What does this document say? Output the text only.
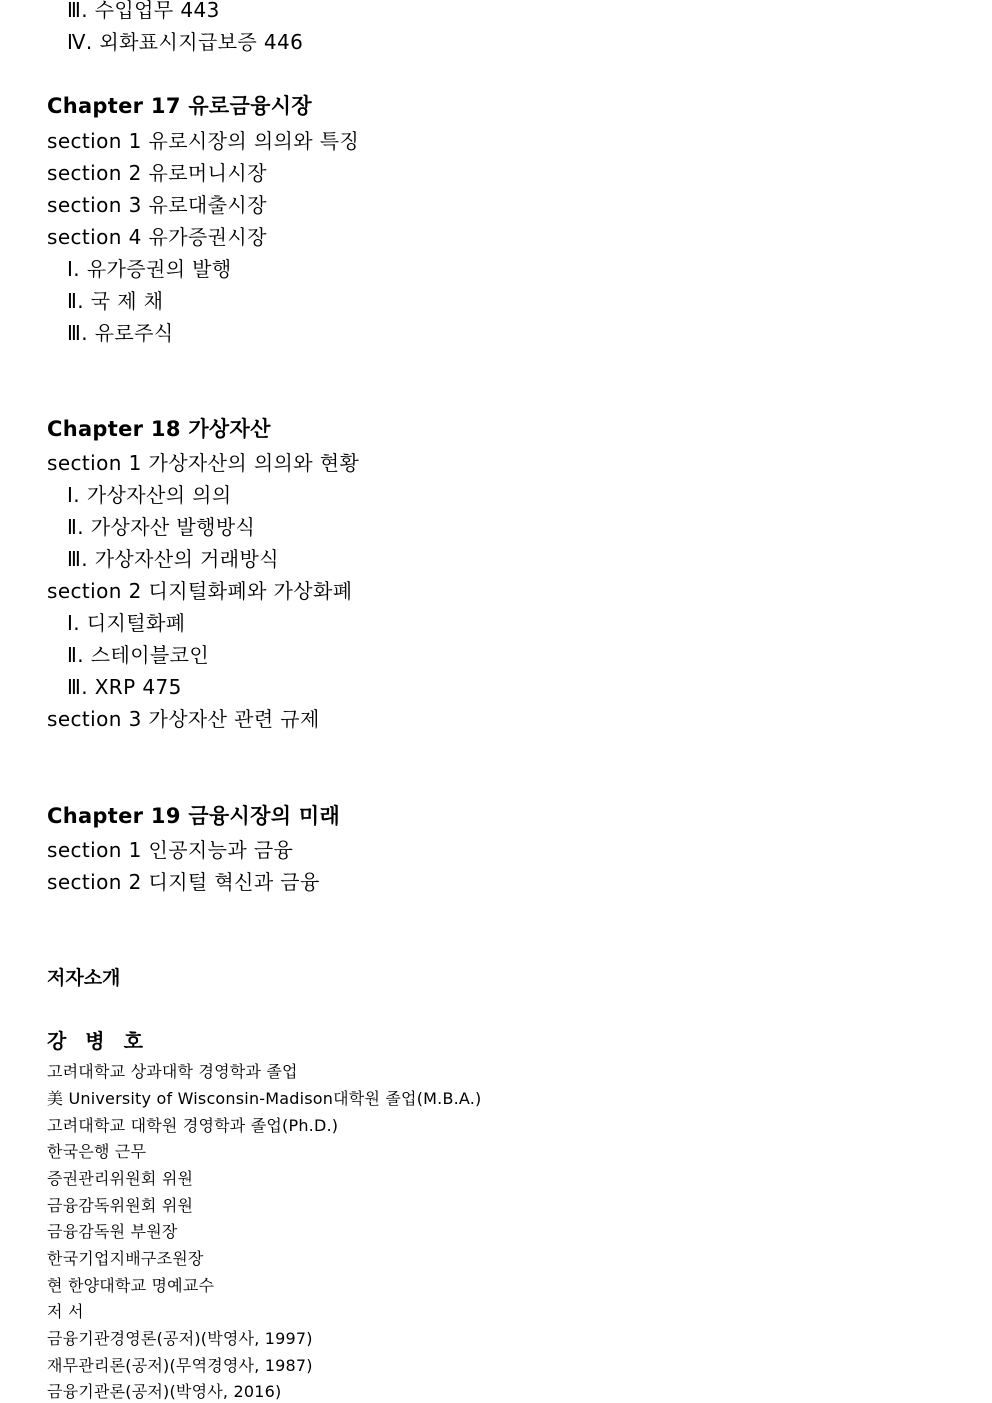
Ⅲ. 수입업무 443
Ⅳ. 외화표시지급보증 446
Chapter 17 유로금융시장
section 1 유로시장의 의의와 특징
section 2 유로머니시장
section 3 유로대출시장
section 4 유가증권시장
Ⅰ. 유가증권의 발행
Ⅱ. 국 제 채
Ⅲ. 유로주식
Chapter 18 가상자산
section 1 가상자산의 의의와 현황
Ⅰ. 가상자산의 의의
Ⅱ. 가상자산 발행방식
Ⅲ. 가상자산의 거래방식
section 2 디지털화폐와 가상화폐
Ⅰ. 디지털화폐
Ⅱ. 스테이블코인
Ⅲ. XRP 475
section 3 가상자산 관련 규제
Chapter 19 금융시장의 미래
section 1 인공지능과 금융
section 2 디지털 혁신과 금융
저자소개
강 병 호
고려대학교 상과대학 경영학과 졸업
美 University of Wisconsin-Madison대학원 졸업(M.B.A.)
고려대학교 대학원 경영학과 졸업(Ph.D.)
한국은행 근무
증권관리위원회 위원
금융감독위원회 위원
금융감독원 부원장
한국기업지배구조원장
현 한양대학교 명예교수
저 서
금융기관경영론(공저)(박영사, 1997)
재무관리론(공저)(무역경영사, 1987)
금융기관론(공저)(박영사, 2016)
